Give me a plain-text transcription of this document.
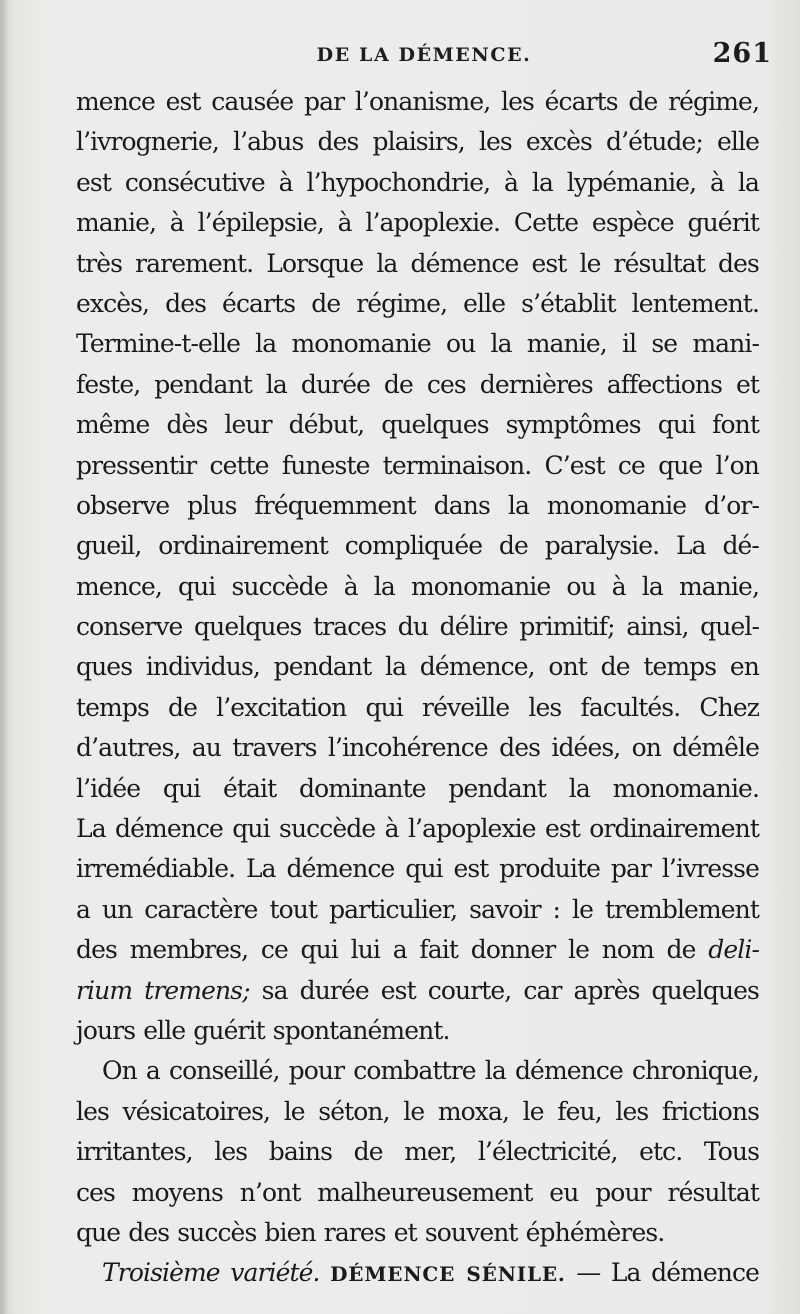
DE LA DÉMENCE.	261
mence est causée par l’onanisme, les écarts de régime,
l’ivrognerie, l’abus des plaisirs, les excès d’étude; elle
est consécutive à l’hypochondrie, à la lypémanie, à la
manie, à l’épilepsie, à l’apoplexie. Cette espèce guérit
très rarement. Lorsque la démence est le résultat des
excès, des écarts de régime, elle s’établit lentement.
Termine-t-elle la monomanie ou la manie, il se mani-
feste, pendant la durée de ces dernières affections et
même dès leur début, quelques symptômes qui font
pressentir cette funeste terminaison. C’est ce que l’on
observe plus fréquemment dans la monomanie d’or-
gueil, ordinairement compliquée de paralysie. La dé-
mence, qui succède à la monomanie ou à la manie,
conserve quelques traces du délire primitif; ainsi, quel-
ques individus, pendant la démence, ont de temps en
temps de l’excitation qui réveille les facultés. Chez
d’autres, au travers l’incohérence des idées, on démêle
l’idée qui était dominante pendant la monomanie.
La démence qui succède à l’apoplexie est ordinairement
irremédiable. La démence qui est produite par l’ivresse
a un caractère tout particulier, savoir : le tremblement
des membres, ce qui lui a fait donner le nom de deli-
rium tremens; sa durée est courte, car après quelques
jours elle guérit spontanément.
On a conseillé, pour combattre la démence chronique,
les vésicatoires, le séton, le moxa, le feu, les frictions
irritantes, les bains de mer, l’électricité, etc. Tous
ces moyens n’ont malheureusement eu pour résultat
que des succès bien rares et souvent éphémères.
Troisième variété. DÉMENCE SÉNILE. — La démence
